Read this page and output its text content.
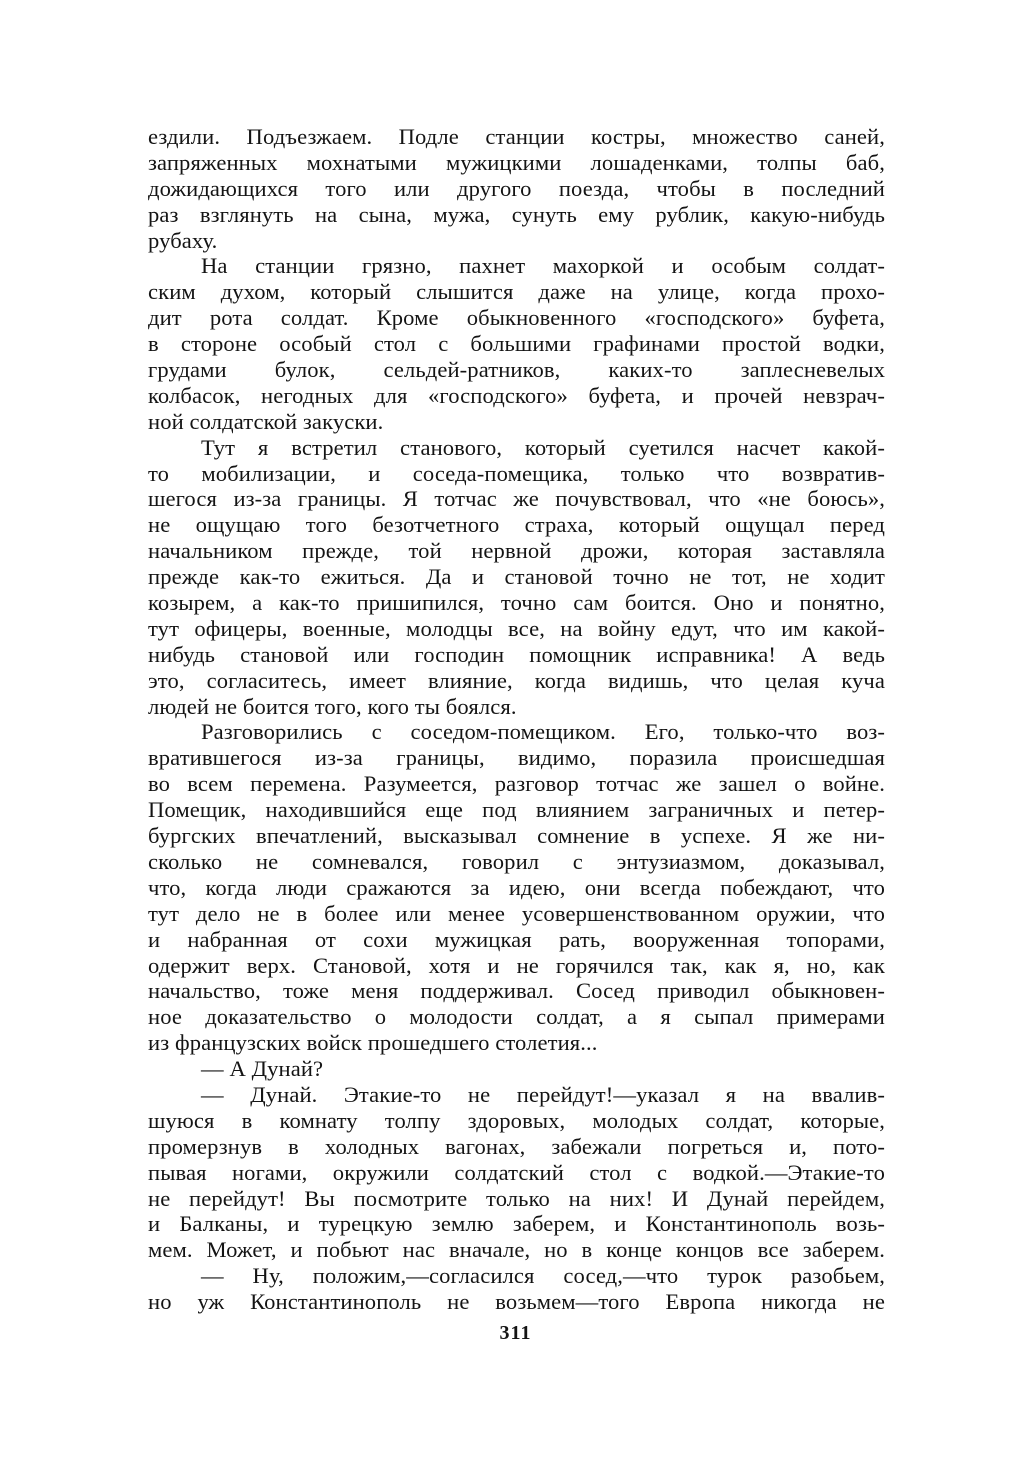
ездили. Подъезжаем. Подле станции костры, множество саней,
запряженных мохнатыми мужицкими лошаденками, толпы баб,
дожидающихся того или другого поезда, чтобы в последний
раз взглянуть на сына, мужа, сунуть ему рублик, какую-нибудь
рубаху.
На станции грязно, пахнет махоркой и особым солдат-
ским духом, который слышится даже на улице, когда прохо-
дит рота солдат. Кроме обыкновенного «господского» буфета,
в стороне особый стол с большими графинами простой водки,
грудами булок, сельдей-ратников, каких-то заплесневелых
колбасок, негодных для «господского» буфета, и прочей невзрач-
ной солдатской закуски.
Тут я встретил станового, который суетился насчет какой-
то мобилизации, и соседа-помещика, только что возвратив-
шегося из-за границы. Я тотчас же почувствовал, что «не боюсь»,
не ощущаю того безотчетного страха, который ощущал перед
начальником прежде, той нервной дрожи, которая заставляла
прежде как-то ежиться. Да и становой точно не тот, не ходит
козырем, а как-то пришипился, точно сам боится. Оно и понятно,
тут офицеры, военные, молодцы все, на войну едут, что им какой-
нибудь становой или господин помощник исправника! А ведь
это, согласитесь, имеет влияние, когда видишь, что целая куча
людей не боится того, кого ты боялся.
Разговорились с соседом-помещиком. Его, только-что воз-
вратившегося из-за границы, видимо, поразила происшедшая
во всем перемена. Разумеется, разговор тотчас же зашел о войне.
Помещик, находившийся еще под влиянием заграничных и петер-
бургских впечатлений, высказывал сомнение в успехе. Я же ни-
сколько не сомневался, говорил с энтузиазмом, доказывал,
что, когда люди сражаются за идею, они всегда побеждают, что
тут дело не в более или менее усовершенствованном оружии, что
и набранная от сохи мужицкая рать, вооруженная топорами,
одержит верх. Становой, хотя и не горячился так, как я, но, как
начальство, тоже меня поддерживал. Сосед приводил обыкновен-
ное доказательство о молодости солдат, а я сыпал примерами
из французских войск прошедшего столетия...
— А Дунай?
— Дунай. Этакие-то не перейдут!—указал я на ввалив-
шуюся в комнату толпу здоровых, молодых солдат, которые,
промерзнув в холодных вагонах, забежали погреться и, пото-
пывая ногами, окружили солдатский стол с водкой.—Этакие-то
не перейдут! Вы посмотрите только на них! И Дунай перейдем,
и Балканы, и турецкую землю заберем, и Константинополь возь-
мем. Может, и побьют нас вначале, но в конце концов все заберем.
— Ну, положим,—согласился сосед,—что турок разобьем,
но уж Константинополь не возьмем—того Европа никогда не
311
